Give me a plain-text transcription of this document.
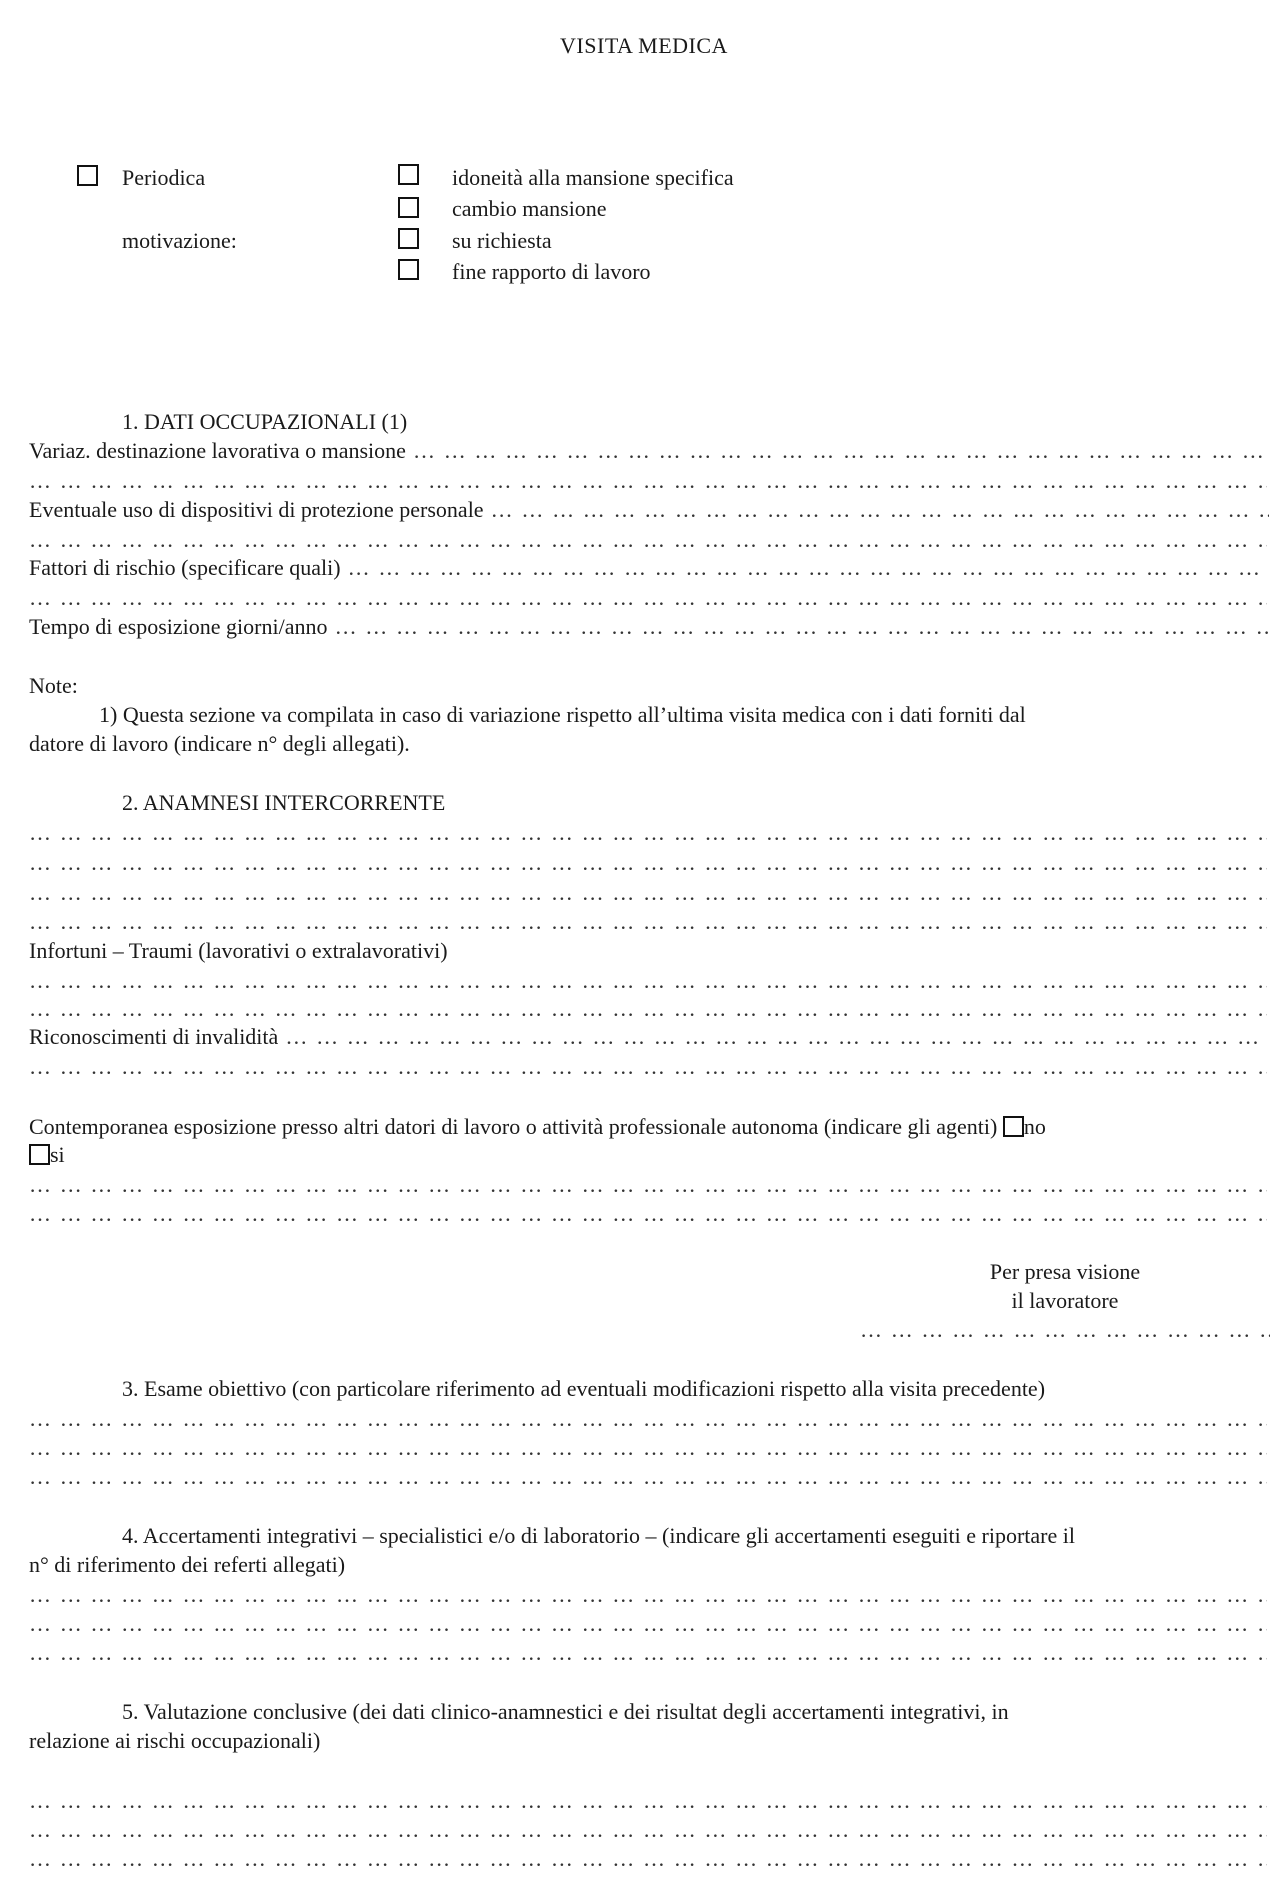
VISITA MEDICA
Periodica
motivazione:
idoneità alla mansione specifica
cambio mansione
su richiesta
fine rapporto di lavoro
1. DATI OCCUPAZIONALI (1)
Variaz. destinazione lavorativa o mansione … … … … … … … … … … … … … … … … … … … … … … … … … … … … … … … … … … … … … … … … … … … … … … … … … … … … … … … … … … … … … … … … … … … … … … … … … … … …
… … … … … … … … … … … … … … … … … … … … … … … … … … … … … … … … … … … … … … … … … … … … … … … … … … … … … … … … … … … … … … … … … … … … … … … … … … … … … … … … … … … … … … … … … … … … … … … … … … …
Eventuale uso di dispositivi di protezione personale … … … … … … … … … … … … … … … … … … … … … … … … … … … … … … … … … … … … … … … … … … … … … … … … … … … … … … … … … … … … … … … … … … … … … … … … … … … …
… … … … … … … … … … … … … … … … … … … … … … … … … … … … … … … … … … … … … … … … … … … … … … … … … … … … … … … … … … … … … … … … … … … … … … … … … … … … … … … … … … … … … … … … … … … … … … … … … … …
Fattori di rischio (specificare quali) … … … … … … … … … … … … … … … … … … … … … … … … … … … … … … … … … … … … … … … … … … … … … … … … … … … … … … … … … … … … … … … … … … … … … … … … … … … …
… … … … … … … … … … … … … … … … … … … … … … … … … … … … … … … … … … … … … … … … … … … … … … … … … … … … … … … … … … … … … … … … … … … … … … … … … … … … … … … … … … … … … … … … … … … … … … … … … … …
Tempo di esposizione giorni/anno … … … … … … … … … … … … … … … … … … … … … … … … … … … … … … … … … … … … … … … … … … … … … … … … … … … … … … … … … … … … … … … … … … … … … … … … … … … …
Note:
1) Questa sezione va compilata in caso di variazione rispetto all’ultima visita medica con i dati forniti dal
datore di lavoro (indicare n° degli allegati).
2. ANAMNESI INTERCORRENTE
… … … … … … … … … … … … … … … … … … … … … … … … … … … … … … … … … … … … … … … … … … … … … … … … … … … … … … … … … … … … … … … … … … … … … … … … … … … … … … … … … … … … … … … … … … … … … … … … … … …
… … … … … … … … … … … … … … … … … … … … … … … … … … … … … … … … … … … … … … … … … … … … … … … … … … … … … … … … … … … … … … … … … … … … … … … … … … … … … … … … … … … … … … … … … … … … … … … … … … …
… … … … … … … … … … … … … … … … … … … … … … … … … … … … … … … … … … … … … … … … … … … … … … … … … … … … … … … … … … … … … … … … … … … … … … … … … … … … … … … … … … … … … … … … … … … … … … … … … … …
… … … … … … … … … … … … … … … … … … … … … … … … … … … … … … … … … … … … … … … … … … … … … … … … … … … … … … … … … … … … … … … … … … … … … … … … … … … … … … … … … … … … … … … … … … … … … … … … … … …
Infortuni – Traumi (lavorativi o extralavorativi)
… … … … … … … … … … … … … … … … … … … … … … … … … … … … … … … … … … … … … … … … … … … … … … … … … … … … … … … … … … … … … … … … … … … … … … … … … … … … … … … … … … … … … … … … … … … … … … … … … … …
… … … … … … … … … … … … … … … … … … … … … … … … … … … … … … … … … … … … … … … … … … … … … … … … … … … … … … … … … … … … … … … … … … … … … … … … … … … … … … … … … … … … … … … … … … … … … … … … … … …
Riconoscimenti di invalidità … … … … … … … … … … … … … … … … … … … … … … … … … … … … … … … … … … … … … … … … … … … … … … … … … … … … … … … … … … … … … … … … … … … … … … … … … … … …
… … … … … … … … … … … … … … … … … … … … … … … … … … … … … … … … … … … … … … … … … … … … … … … … … … … … … … … … … … … … … … … … … … … … … … … … … … … … … … … … … … … … … … … … … … … … … … … … … … …
Contemporanea esposizione presso altri datori di lavoro o attività professionale autonoma (indicare gli agenti) no
si
… … … … … … … … … … … … … … … … … … … … … … … … … … … … … … … … … … … … … … … … … … … … … … … … … … … … … … … … … … … … … … … … … … … … … … … … … … … … … … … … … … … … … … … … … … … … … … … … … … …
… … … … … … … … … … … … … … … … … … … … … … … … … … … … … … … … … … … … … … … … … … … … … … … … … … … … … … … … … … … … … … … … … … … … … … … … … … … … … … … … … … … … … … … … … … … … … … … … … … …
Per presa visione
il lavoratore
… … … … … … … … … … … … … … … … … … … … … … … …
3. Esame obiettivo (con particolare riferimento ad eventuali modificazioni rispetto alla visita precedente)
… … … … … … … … … … … … … … … … … … … … … … … … … … … … … … … … … … … … … … … … … … … … … … … … … … … … … … … … … … … … … … … … … … … … … … … … … … … … … … … … … … … … … … … … … … … … … … … … … … …
… … … … … … … … … … … … … … … … … … … … … … … … … … … … … … … … … … … … … … … … … … … … … … … … … … … … … … … … … … … … … … … … … … … … … … … … … … … … … … … … … … … … … … … … … … … … … … … … … … …
… … … … … … … … … … … … … … … … … … … … … … … … … … … … … … … … … … … … … … … … … … … … … … … … … … … … … … … … … … … … … … … … … … … … … … … … … … … … … … … … … … … … … … … … … … … … … … … … … … …
4. Accertamenti integrativi – specialistici e/o di laboratorio – (indicare gli accertamenti eseguiti e riportare il
n° di riferimento dei referti allegati)
… … … … … … … … … … … … … … … … … … … … … … … … … … … … … … … … … … … … … … … … … … … … … … … … … … … … … … … … … … … … … … … … … … … … … … … … … … … … … … … … … … … … … … … … … … … … … … … … … … …
… … … … … … … … … … … … … … … … … … … … … … … … … … … … … … … … … … … … … … … … … … … … … … … … … … … … … … … … … … … … … … … … … … … … … … … … … … … … … … … … … … … … … … … … … … … … … … … … … … …
… … … … … … … … … … … … … … … … … … … … … … … … … … … … … … … … … … … … … … … … … … … … … … … … … … … … … … … … … … … … … … … … … … … … … … … … … … … … … … … … … … … … … … … … … … … … … … … … … … …
5. Valutazione conclusive (dei dati clinico-anamnestici e dei risultat degli accertamenti integrativi, in
relazione ai rischi occupazionali)
… … … … … … … … … … … … … … … … … … … … … … … … … … … … … … … … … … … … … … … … … … … … … … … … … … … … … … … … … … … … … … … … … … … … … … … … … … … … … … … … … … … … … … … … … … … … … … … … … … …
… … … … … … … … … … … … … … … … … … … … … … … … … … … … … … … … … … … … … … … … … … … … … … … … … … … … … … … … … … … … … … … … … … … … … … … … … … … … … … … … … … … … … … … … … … … … … … … … … … …
… … … … … … … … … … … … … … … … … … … … … … … … … … … … … … … … … … … … … … … … … … … … … … … … … … … … … … … … … … … … … … … … … … … … … … … … … … … … … … … … … … … … … … … … … … … … … … … … … … …
